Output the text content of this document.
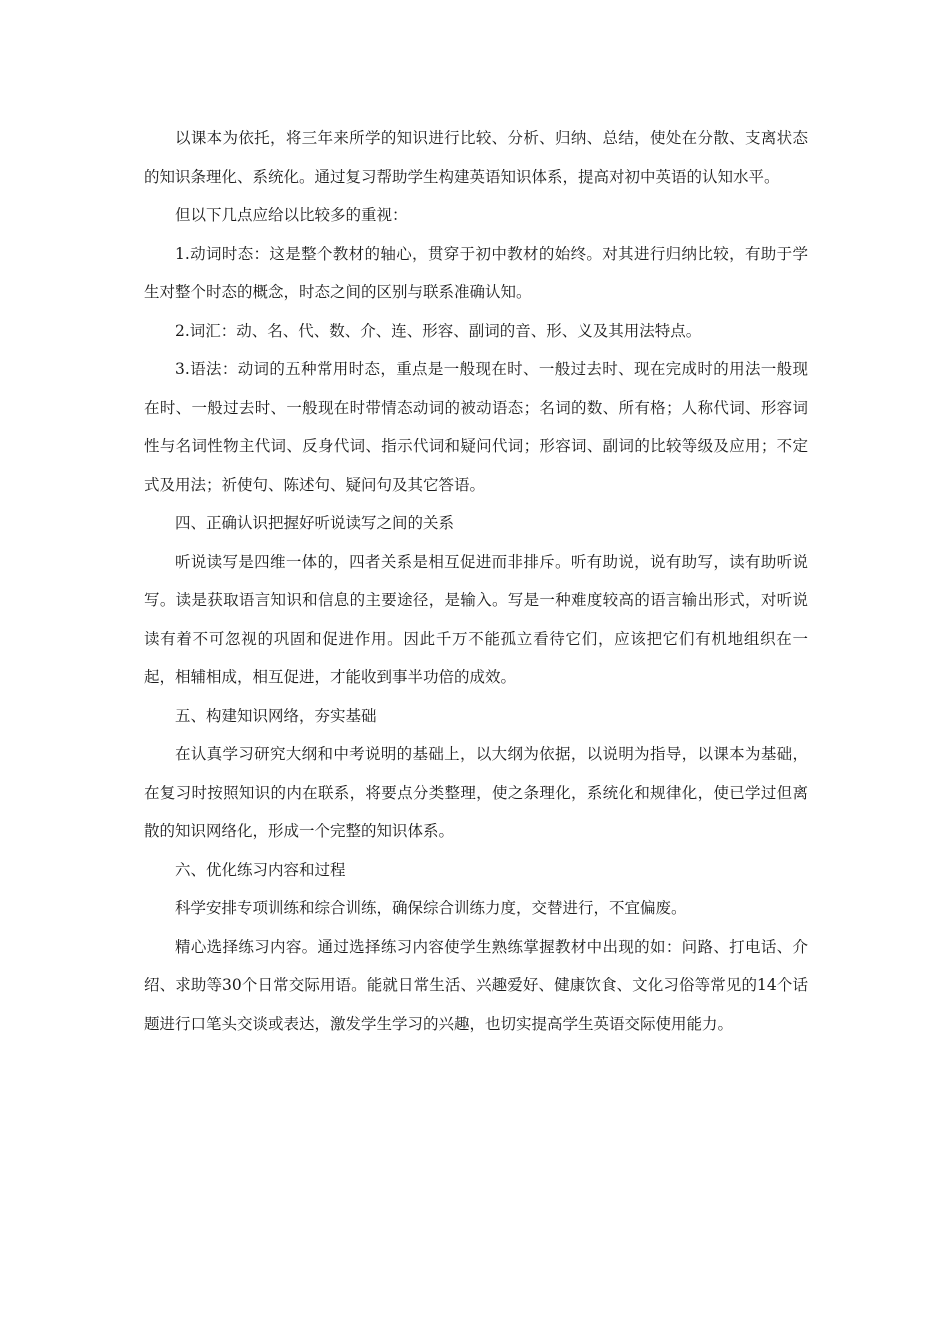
以课本为依托，将三年来所学的知识进行比较、分析、归纳、总结，使处在分散、支离状态的知识条理化、系统化。通过复习帮助学生构建英语知识体系，提高对初中英语的认知水平。

但以下几点应给以比较多的重视：

1.动词时态：这是整个教材的轴心，贯穿于初中教材的始终。对其进行归纳比较，有助于学生对整个时态的概念，时态之间的区别与联系准确认知。

2.词汇：动、名、代、数、介、连、形容、副词的音、形、义及其用法特点。

3.语法：动词的五种常用时态，重点是一般现在时、一般过去时、现在完成时的用法一般现在时、一般过去时、一般现在时带情态动词的被动语态；名词的数、所有格；人称代词、形容词性与名词性物主代词、反身代词、指示代词和疑问代词；形容词、副词的比较等级及应用；不定式及用法；祈使句、陈述句、疑问句及其它答语。

四、正确认识把握好听说读写之间的关系

听说读写是四维一体的，四者关系是相互促进而非排斥。听有助说，说有助写，读有助听说写。读是获取语言知识和信息的主要途径，是输入。写是一种难度较高的语言输出形式，对听说读有着不可忽视的巩固和促进作用。因此千万不能孤立看待它们，应该把它们有机地组织在一起，相辅相成，相互促进，才能收到事半功倍的成效。

五、构建知识网络，夯实基础

在认真学习研究大纲和中考说明的基础上，以大纲为依据，以说明为指导，以课本为基础，在复习时按照知识的内在联系，将要点分类整理，使之条理化，系统化和规律化，使已学过但离散的知识网络化，形成一个完整的知识体系。

六、优化练习内容和过程

科学安排专项训练和综合训练，确保综合训练力度，交替进行，不宜偏废。

精心选择练习内容。通过选择练习内容使学生熟练掌握教材中出现的如：问路、打电话、介绍、求助等30个日常交际用语。能就日常生活、兴趣爱好、健康饮食、文化习俗等常见的14个话题进行口笔头交谈或表达，激发学生学习的兴趣，也切实提高学生英语交际使用能力。
